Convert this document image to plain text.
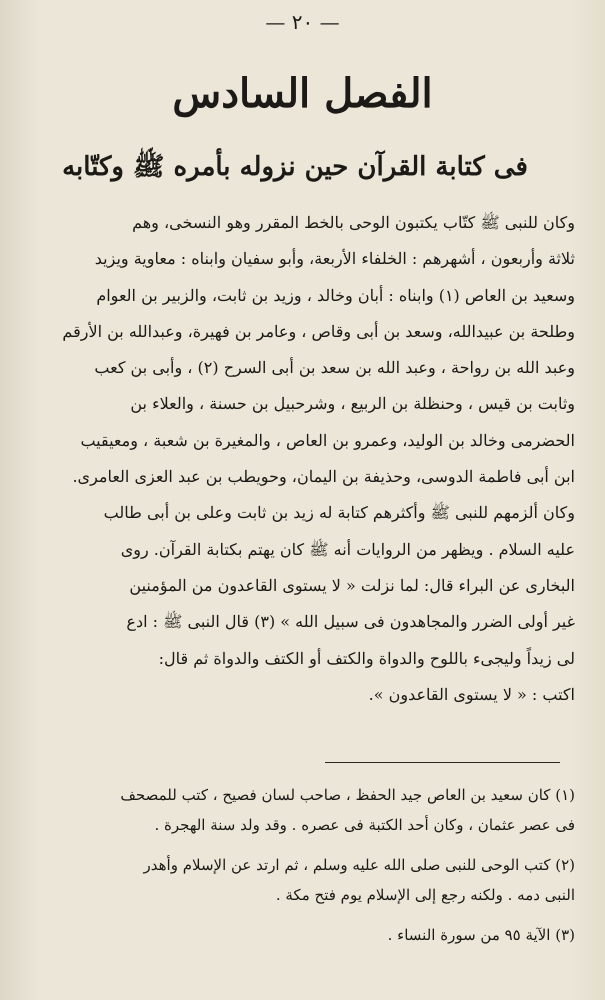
— ٢٠ —
الفصل السادس
فى كتابة القرآن حين نزوله بأمره ﷺ وكتّابه
وكان للنبى ﷺ كتّاب يكتبون الوحى بالخط المقرر وهو النسخى، وهم
ثلاثة وأربعون ، أشهرهم : الخلفاء الأربعة، وأبو سفيان وابناه : معاوية ويزيد
وسعيد بن العاص (١) وابناه : أبان وخالد ، وزيد بن ثابت، والزبير بن العوام
وطلحة بن عبيدالله، وسعد بن أبى وقاص ، وعامر بن فهيرة، وعبدالله بن الأرقم
وعبد الله بن رواحة ، وعبد الله بن سعد بن أبى السرح (٢) ، وأبى بن كعب
وثابت بن قيس ، وحنظلة بن الربيع ، وشرحبيل بن حسنة ، والعلاء بن
الحضرمى وخالد بن الوليد، وعمرو بن العاص ، والمغيرة بن شعبة ، ومعيقيب
ابن أبى فاطمة الدوسى، وحذيفة بن اليمان، وحويطب بن عبد العزى العامرى.
وكان ألزمهم للنبى ﷺ وأكثرهم كتابة له زيد بن ثابت وعلى بن أبى طالب
عليه السلام . ويظهر من الروايات أنه ﷺ كان يهتم بكتابة القرآن. روى
البخارى عن البراء قال: لما نزلت « لا يستوى القاعدون من المؤمنين
غير أولى الضرر والمجاهدون فى سبيل الله » (٣) قال النبى ﷺ : ادع
لى زيداً وليجىء باللوح والدواة والكتف أو الكتف والدواة ثم قال:
اكتب : « لا يستوى القاعدون ».
(١) كان سعيد بن العاص جيد الحفظ ، صاحب لسان فصيح ، كتب للمصحف
فى عصر عثمان ، وكان أحد الكتبة فى عصره . وقد ولد سنة الهجرة .
(٢) كتب الوحى للنبى صلى الله عليه وسلم ، ثم ارتد عن الإسلام وأهدر
النبى دمه . ولكنه رجع إلى الإسلام يوم فتح مكة .
(٣) الآية ٩٥ من سورة النساء .
